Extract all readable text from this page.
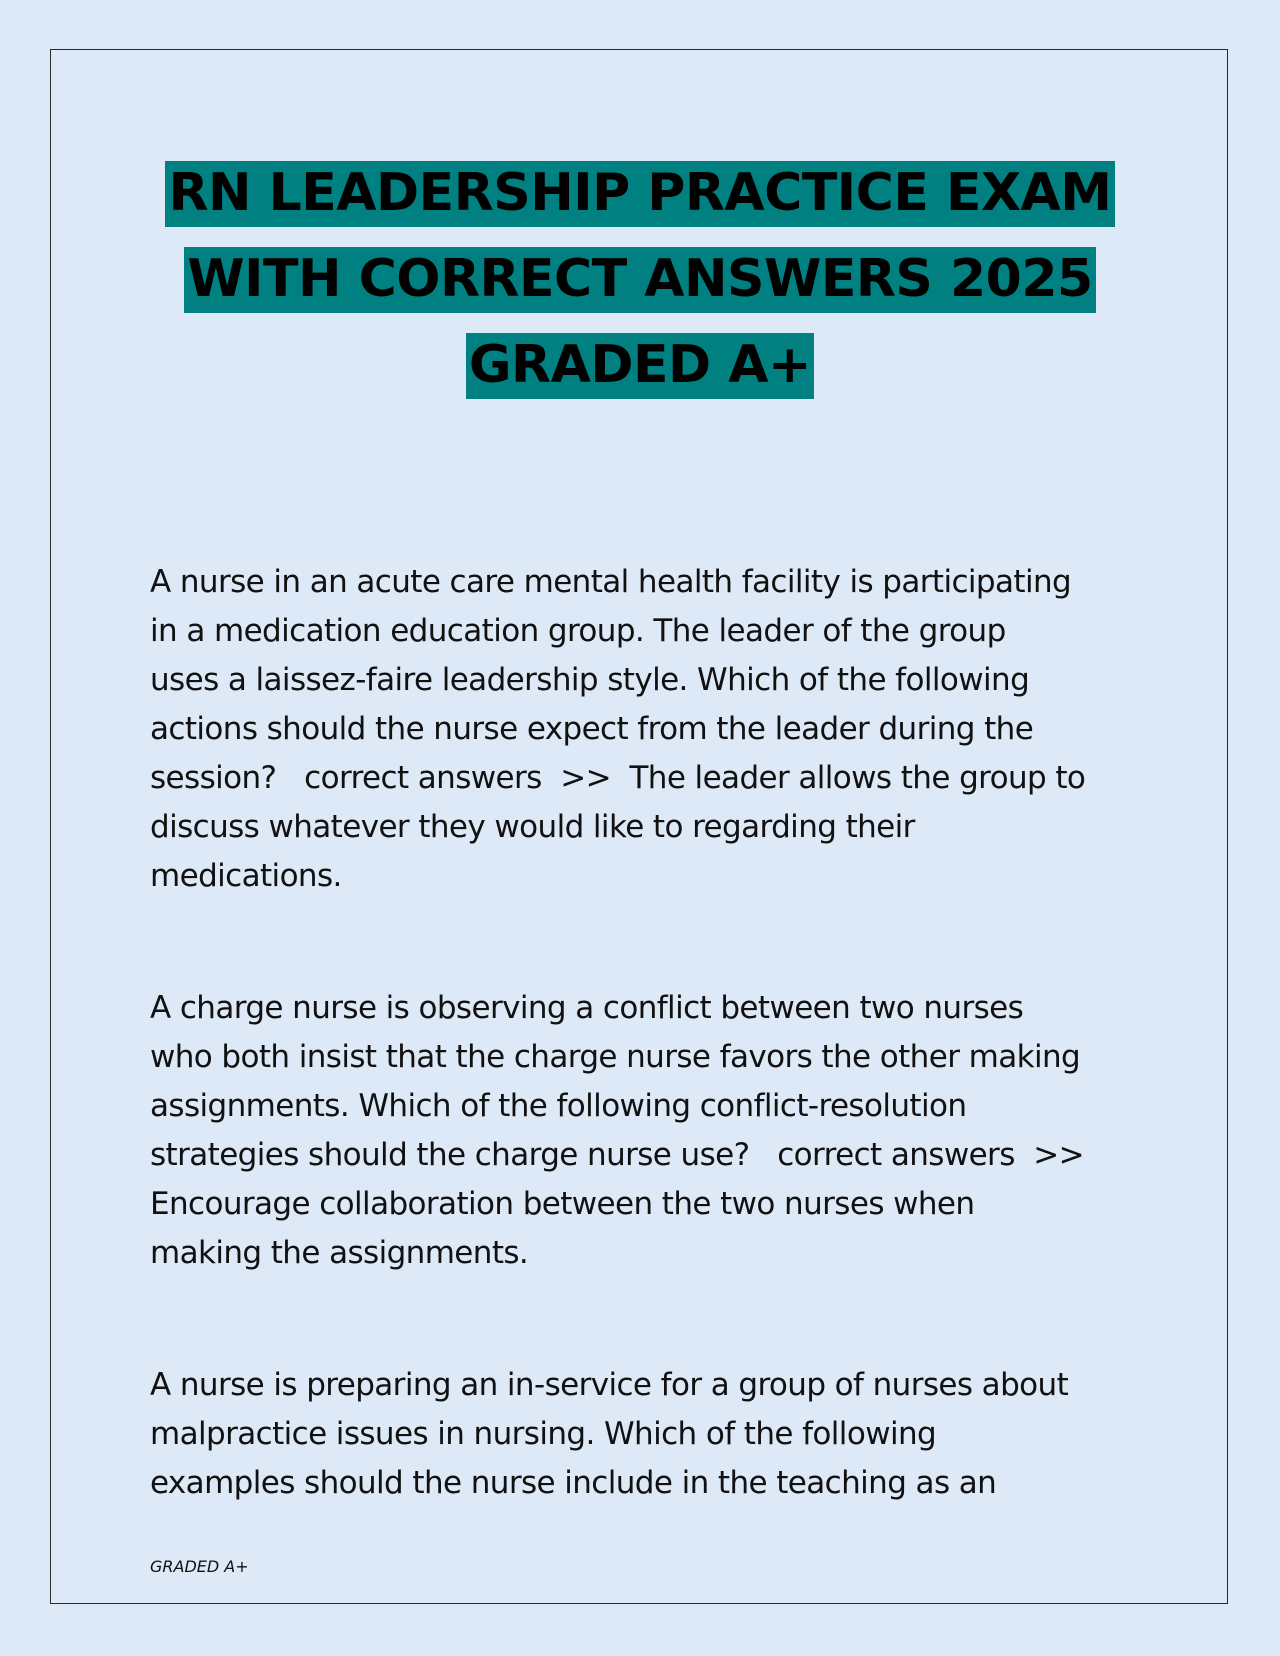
RN LEADERSHIP PRACTICE EXAM
WITH CORRECT ANSWERS 2025
GRADED A+
A nurse in an acute care mental health facility is participating
in a medication education group. The leader of the group
uses a laissez-faire leadership style. Which of the following
actions should the nurse expect from the leader during the
session?   correct answers  >>  The leader allows the group to
discuss whatever they would like to regarding their
medications.
A charge nurse is observing a conflict between two nurses
who both insist that the charge nurse favors the other making
assignments. Which of the following conflict-resolution
strategies should the charge nurse use?   correct answers  >>
Encourage collaboration between the two nurses when
making the assignments.
A nurse is preparing an in-service for a group of nurses about
malpractice issues in nursing. Which of the following
examples should the nurse include in the teaching as an
GRADED A+
